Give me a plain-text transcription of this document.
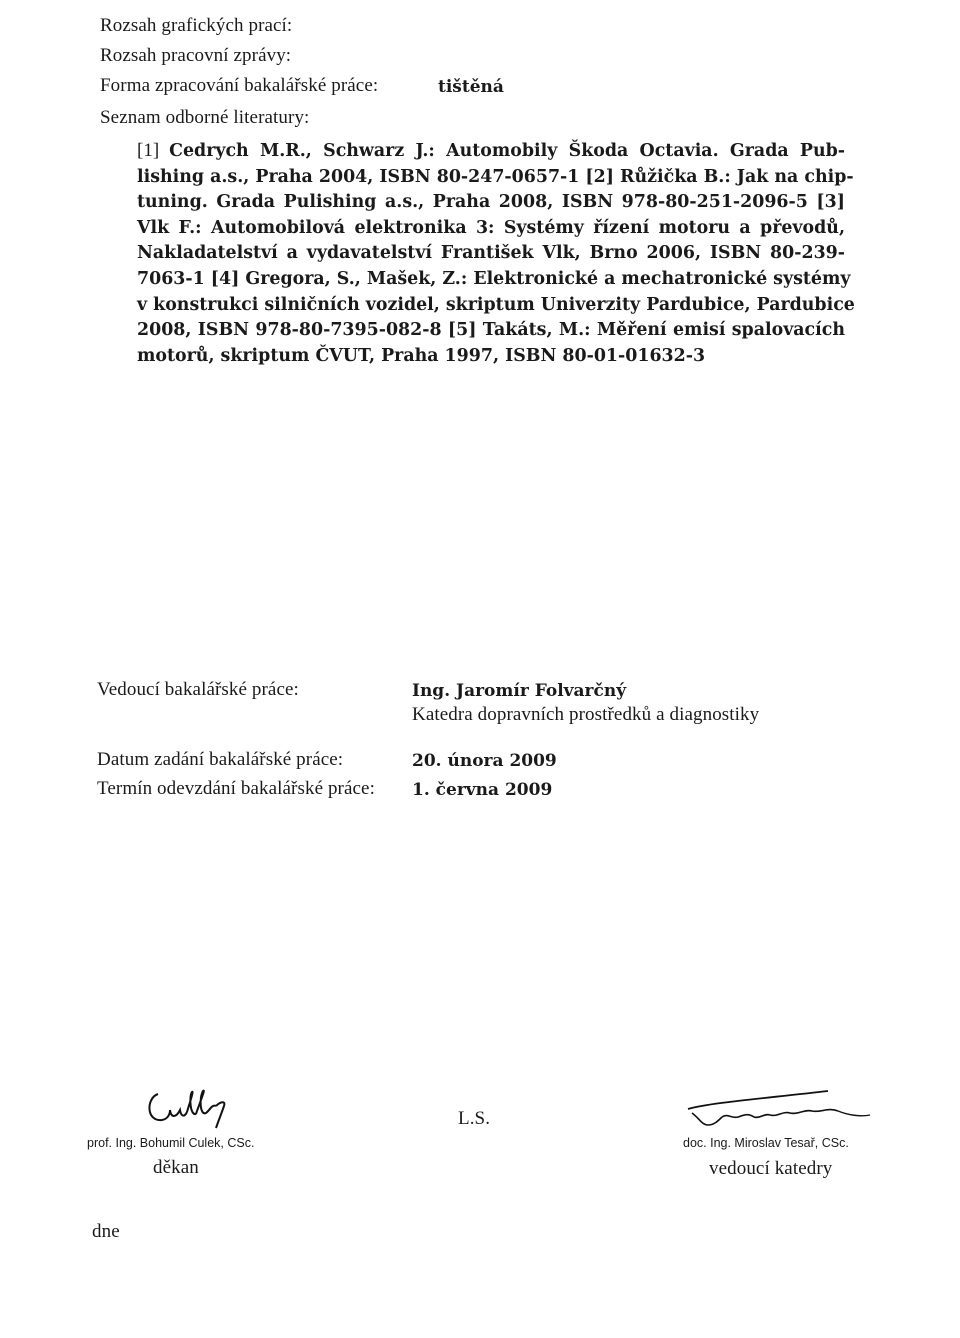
Rozsah grafických prací:
Rozsah pracovní zprávy:
Forma zpracování bakalářské práce:	tištěná
Seznam odborné literatury:
[1] Cedrych M.R., Schwarz J.: Automobily Škoda Octavia. Grada Pub-
lishing a.s., Praha 2004, ISBN 80-247-0657-1 [2] Růžička B.: Jak na chip-
tuning. Grada Pulishing a.s., Praha 2008, ISBN 978-80-251-2096-5 [3]
Vlk F.: Automobilová elektronika 3: Systémy řízení motoru a převodů,
Nakladatelství a vydavatelství František Vlk, Brno 2006, ISBN 80-239-
7063-1 [4] Gregora, S., Mašek, Z.: Elektronické a mechatronické systémy
v konstrukci silničních vozidel, skriptum Univerzity Pardubice, Pardubice
2008, ISBN 978-80-7395-082-8 [5] Takáts, M.: Měření emisí spalovacích
motorů, skriptum ČVUT, Praha 1997, ISBN 80-01-01632-3
Vedoucí bakalářské práce:	Ing. Jaromír Folvarčný
Katedra dopravních prostředků a diagnostiky
Datum zadání bakalářské práce:	20. února 2009
Termín odevzdání bakalářské práce: 1. června 2009
prof. Ing. Bohumil Culek, CSc.
děkan
L.S.
doc. Ing. Miroslav Tesař, CSc.
vedoucí katedry
dne
